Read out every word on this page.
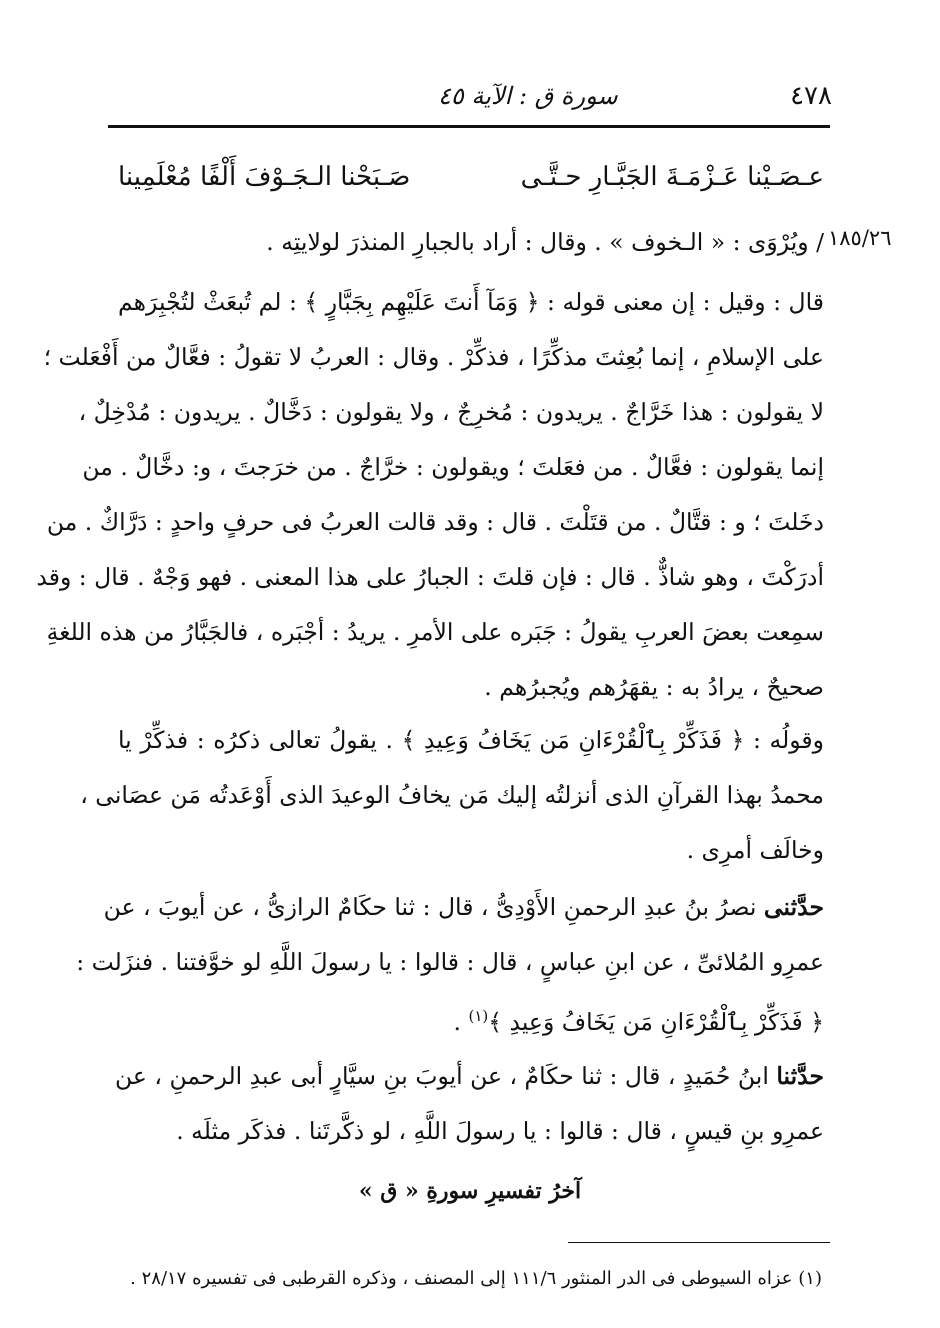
٤٧٨
سورة ق : الآية ٤٥
عـصَـيْنا عَـزْمَـةَ الجَبَّـارِ حـتَّـى
صَـبَحْنا الـجَـوْفَ أَلْفًا مُعْلَمِينا
١٨٥/٢٦
/ ويُرْوَى : « الـخوف » . وقال : أراد بالجبارِ المنذرَ لولايتِه .
قال : وقيل : إن معنى قوله : ﴿ وَمَآ أَنتَ عَلَيْهِم بِجَبَّارٍ ﴾ : لم تُبعَثْ لتُجْبِرَهم
على الإسلامِ ، إنما بُعِثتَ مذكِّرًا ، فذكِّرْ . وقال : العربُ لا تقولُ : فعَّالٌ من أَفْعَلت ؛
لا يقولون : هذا خَرَّاجٌ . يريدون : مُخرِجٌ ، ولا يقولون : دَخَّالٌ . يريدون : مُدْخِلٌ ،
إنما يقولون : فعَّالٌ . من فعَلتَ ؛ ويقولون : خرَّاجٌ . من خرَجتَ ، و: دخَّالٌ . من
دخَلتَ ؛ و : قتَّالٌ . من قتَلْتَ . قال : وقد قالت العربُ فى حرفٍ واحدٍ : دَرَّاكٌ . من
أدرَكْتَ ، وهو شاذٌّ . قال : فإن قلتَ : الجبارُ على هذا المعنى . فهو وَجْهٌ . قال : وقد
سمِعت بعضَ العربِ يقولُ : جَبَره على الأمرِ . يريدُ : أجْبَره ، فالجَبَّارُ من هذه اللغةِ
صحيحٌ ، يرادُ به : يقهَرُهم ويُجبرُهم .
وقولُه : ﴿ فَذَكِّرْ بِٱلْقُرْءَانِ مَن يَخَافُ وَعِيدِ ﴾ . يقولُ تعالى ذكرُه : فذكِّرْ يا
محمدُ بهذا القرآنِ الذى أنزلتُه إليك مَن يخافُ الوعيدَ الذى أَوْعَدتُه مَن عصَانى ،
وخالَف أمرِى .
حدَّثنى نصرُ بنُ عبدِ الرحمنِ الأَوْدِىُّ ، قال : ثنا حكَامٌ الرازىُّ ، عن أيوبَ ، عن
عمرِو المُلائىِّ ، عن ابنِ عباسٍ ، قال : قالوا : يا رسولَ اللَّهِ لو خوَّفتنا . فنزَلت :
﴿ فَذَكِّرْ بِٱلْقُرْءَانِ مَن يَخَافُ وَعِيدِ ﴾$^{(١)}$ .
حدَّثنا ابنُ حُمَيدٍ ، قال : ثنا حكَامٌ ، عن أيوبَ بنِ سيَّارٍ أبى عبدِ الرحمنِ ، عن
عمرِو بنِ قيسٍ ، قال : قالوا : يا رسولَ اللَّهِ ، لو ذكَّرتَنا . فذكَر مثلَه .
آخرُ تفسيرِ سورةِ « ق »
(١) عزاه السيوطى فى الدر المنثور ١١١/٦ إلى المصنف ، وذكره القرطبى فى تفسيره ٢٨/١٧ .
